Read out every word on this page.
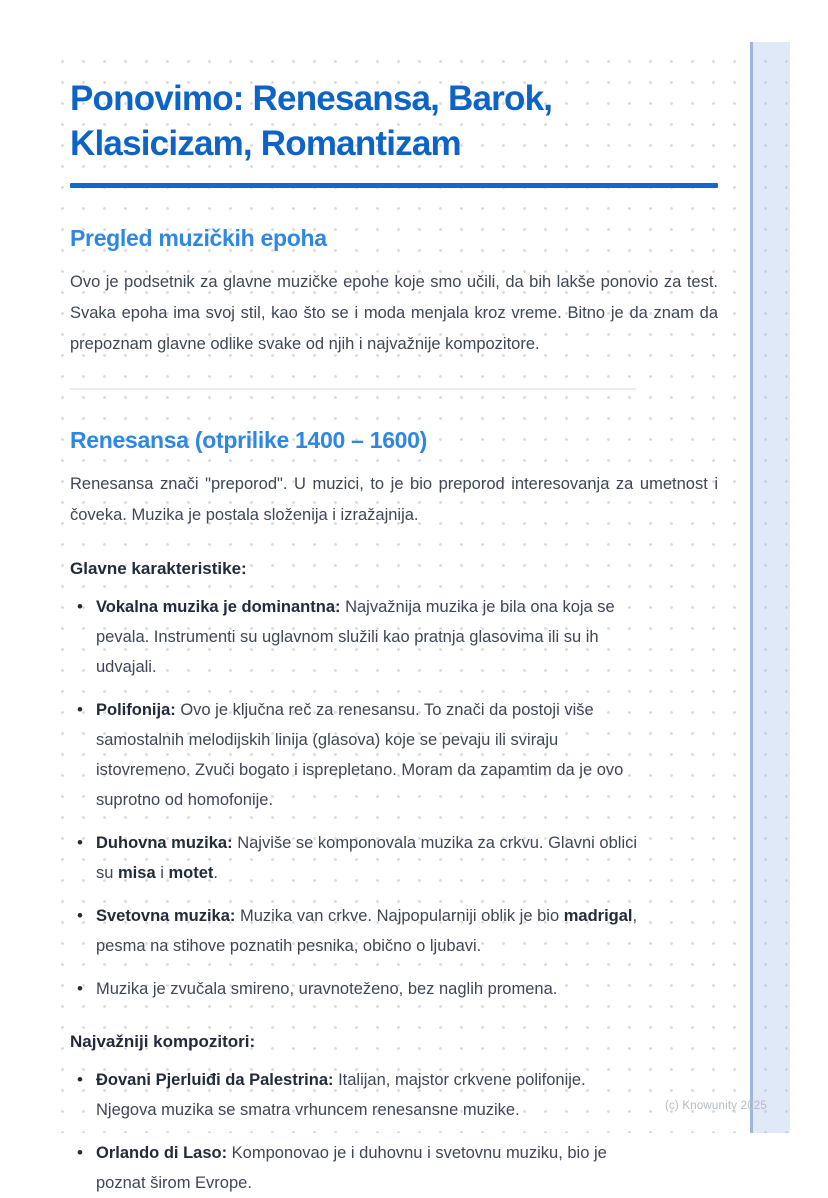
Ponovimo: Renesansa, Barok,
Klasicizam, Romantizam
Pregled muzičkih epoha

Ovo je podsetnik za glavne muzičke epohe koje smo učili, da bih lakše ponovio za test. Svaka epoha ima svoj stil, kao što se i moda menjala kroz vreme. Bitno je da znam da prepoznam glavne odlike svake od njih i najvažnije kompozitore.

Renesansa (otprilike 1400 – 1600)

Renesansa znači "preporod". U muzici, to je bio preporod interesovanja za umetnost i čoveka. Muzika je postala složenija i izražajnija.

Glavne karakteristike:
• Vokalna muzika je dominantna: Najvažnija muzika je bila ona koja se pevala. Instrumenti su uglavnom služili kao pratnja glasovima ili su ih udvajali.
• Polifonija: Ovo je ključna reč za renesansu. To znači da postoji više samostalnih melodijskih linija (glasova) koje se pevaju ili sviraju istovremeno. Zvuči bogato i isprepletano. Moram da zapamtim da je ovo suprotno od homofonije.
• Duhovna muzika: Najviše se komponovala muzika za crkvu. Glavni oblici su misa i motet.
• Svetovna muzika: Muzika van crkve. Najpopularniji oblik je bio madrigal, pesma na stihove poznatih pesnika, obično o ljubavi.
• Muzika je zvučala smireno, uravnoteženo, bez naglih promena.
Najvažniji kompozitori:
• Đovani Pjerluiđi da Palestrina: Italijan, majstor crkvene polifonije. Njegova muzika se smatra vrhuncem renesansne muzike.
• Orlando di Laso: Komponovao je i duhovnu i svetovnu muziku, bio je poznat širom Evrope.
(c) Knowunity 2025
